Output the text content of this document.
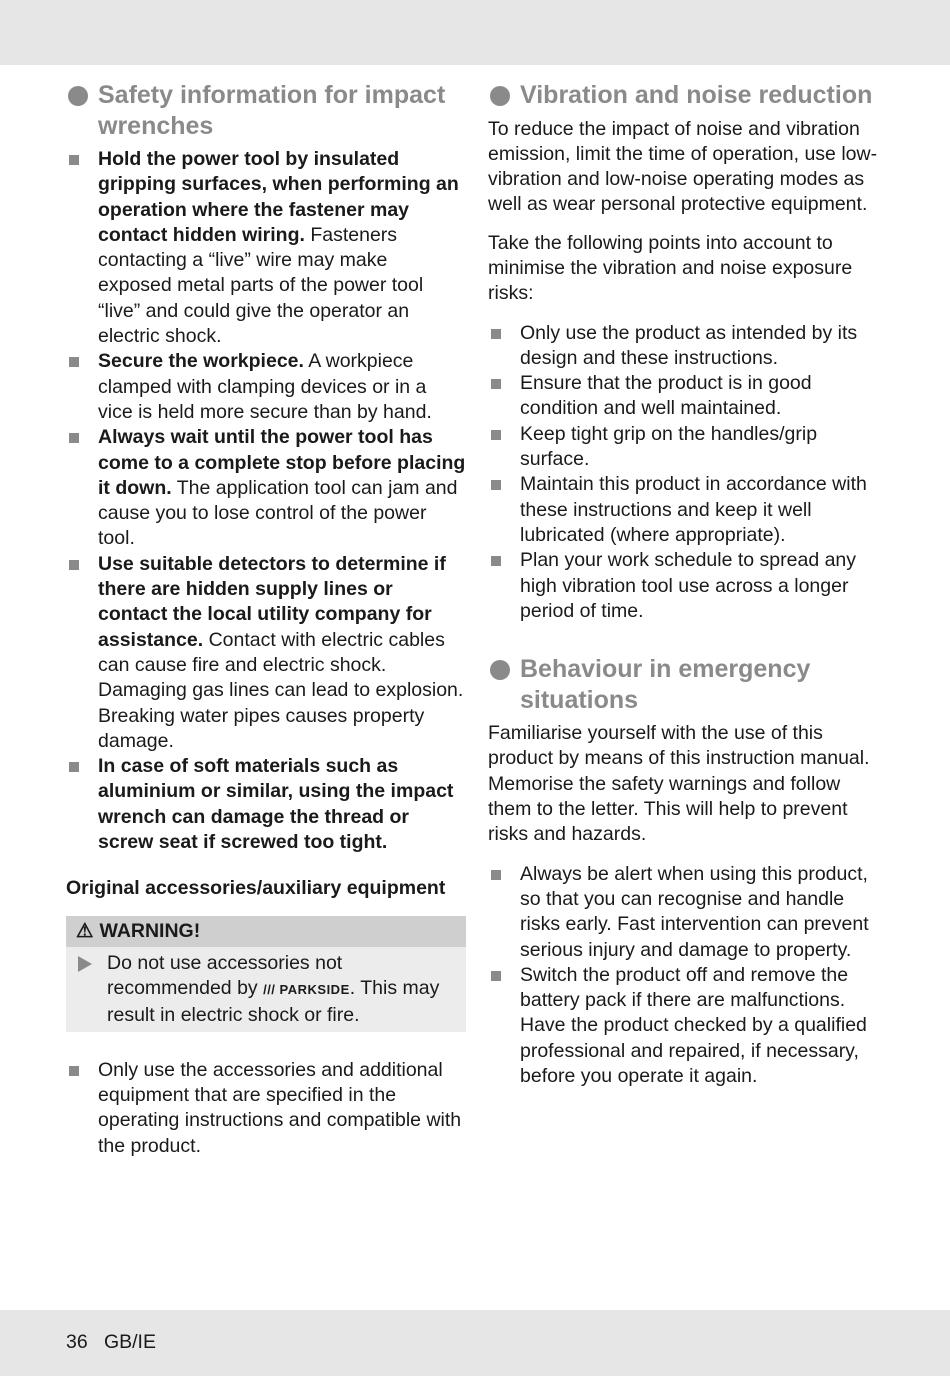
Safety information for impact wrenches
Hold the power tool by insulated gripping surfaces, when performing an operation where the fastener may contact hidden wiring. Fasteners contacting a “live” wire may make exposed metal parts of the power tool “live” and could give the operator an electric shock.
Secure the workpiece. A workpiece clamped with clamping devices or in a vice is held more secure than by hand.
Always wait until the power tool has come to a complete stop before placing it down. The application tool can jam and cause you to lose control of the power tool.
Use suitable detectors to determine if there are hidden supply lines or contact the local utility company for assistance. Contact with electric cables can cause fire and electric shock. Damaging gas lines can lead to explosion. Breaking water pipes causes property damage.
In case of soft materials such as aluminium or similar, using the impact wrench can damage the thread or screw seat if screwed too tight.
Original accessories/auxiliary equipment
⚠ WARNING!
Do not use accessories not recommended by /// PARKSIDE. This may result in electric shock or fire.
Only use the accessories and additional equipment that are specified in the operating instructions and compatible with the product.
Vibration and noise reduction

To reduce the impact of noise and vibration emission, limit the time of operation, use low-vibration and low-noise operating modes as well as wear personal protective equipment.

Take the following points into account to minimise the vibration and noise exposure risks:

Only use the product as intended by its design and these instructions.
Ensure that the product is in good condition and well maintained.
Keep tight grip on the handles/grip surface.
Maintain this product in accordance with these instructions and keep it well lubricated (where appropriate).
Plan your work schedule to spread any high vibration tool use across a longer period of time.
Behaviour in emergency situations

Familiarise yourself with the use of this product by means of this instruction manual. Memorise the safety warnings and follow them to the letter. This will help to prevent risks and hazards.

Always be alert when using this product, so that you can recognise and handle risks early. Fast intervention can prevent serious injury and damage to property.
Switch the product off and remove the battery pack if there are malfunctions. Have the product checked by a qualified professional and repaired, if necessary, before you operate it again.
36 GB/IE
